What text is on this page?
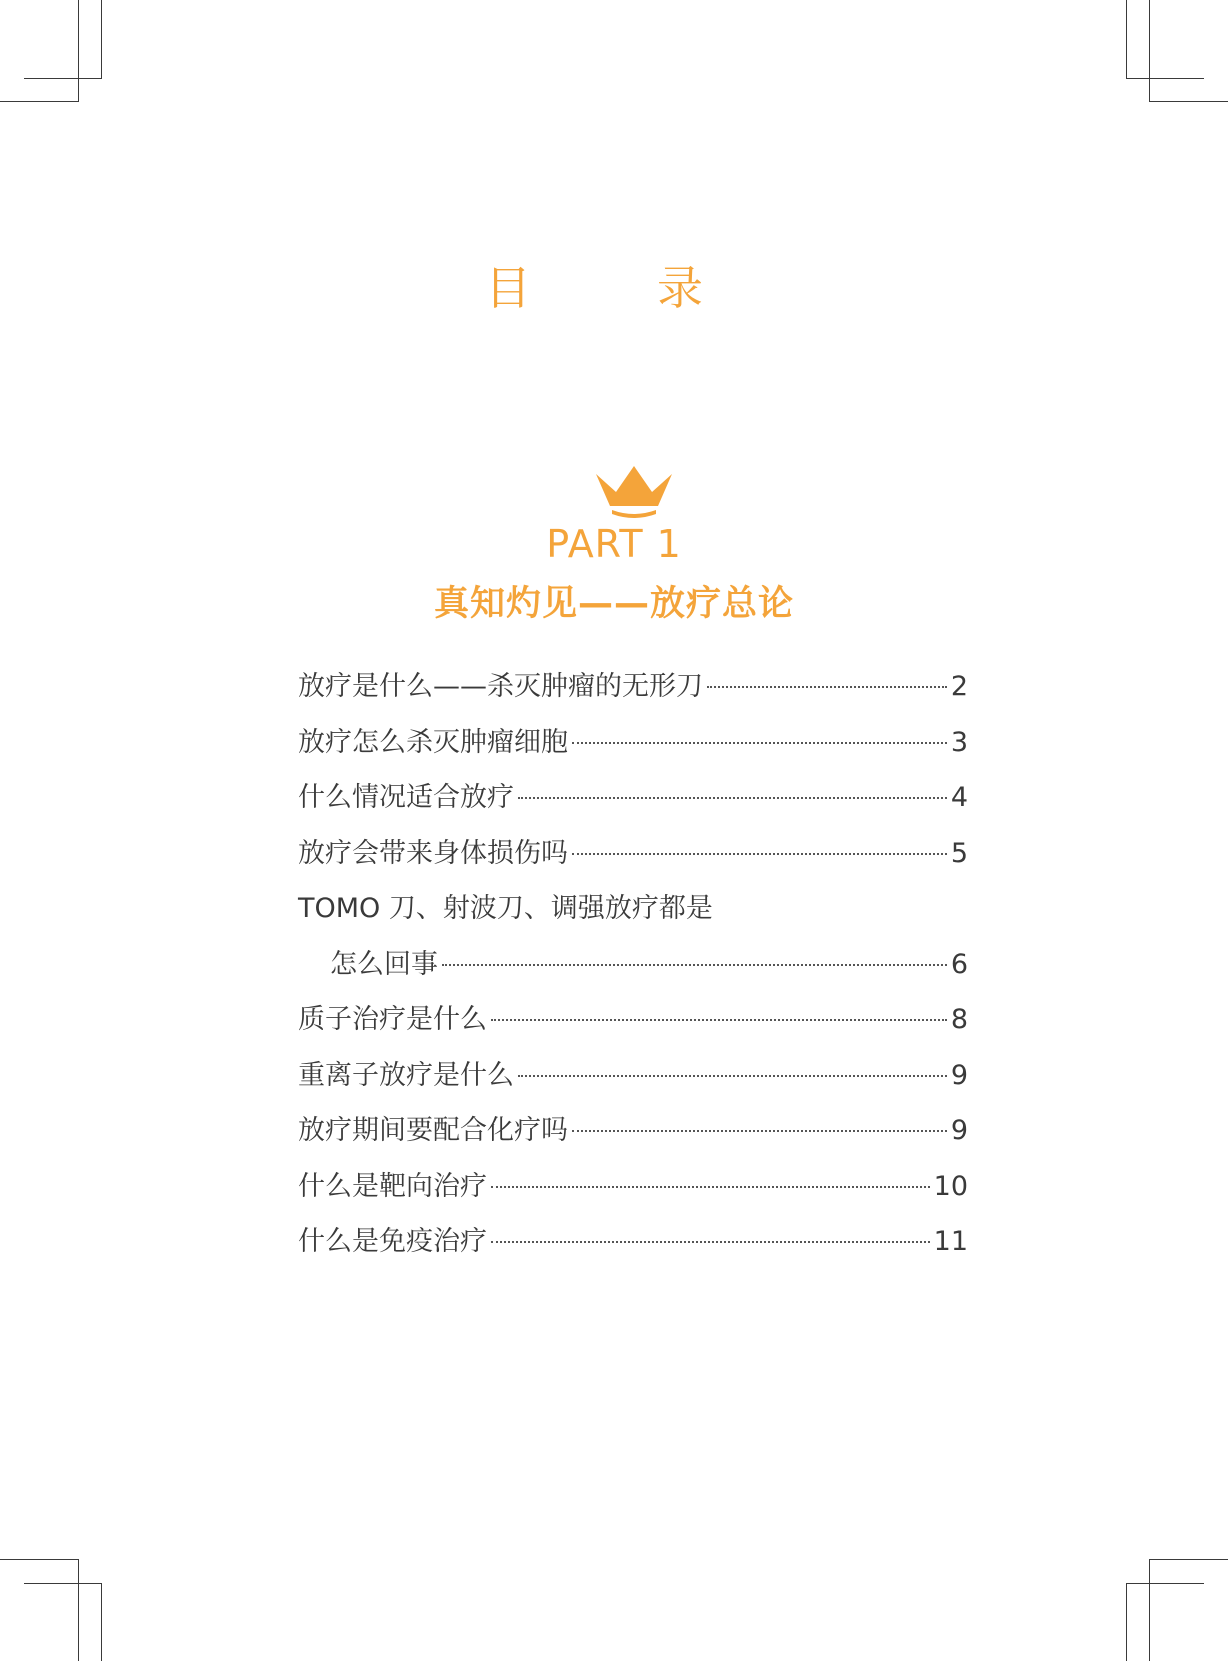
目　录
PART 1
真知灼见——放疗总论
放疗是什么——杀灭肿瘤的无形刀	2
放疗怎么杀灭肿瘤细胞	3
什么情况适合放疗	4
放疗会带来身体损伤吗	5
TOMO 刀、射波刀、调强放疗都是
怎么回事	6
质子治疗是什么	8
重离子放疗是什么	9
放疗期间要配合化疗吗	9
什么是靶向治疗	10
什么是免疫治疗	11
